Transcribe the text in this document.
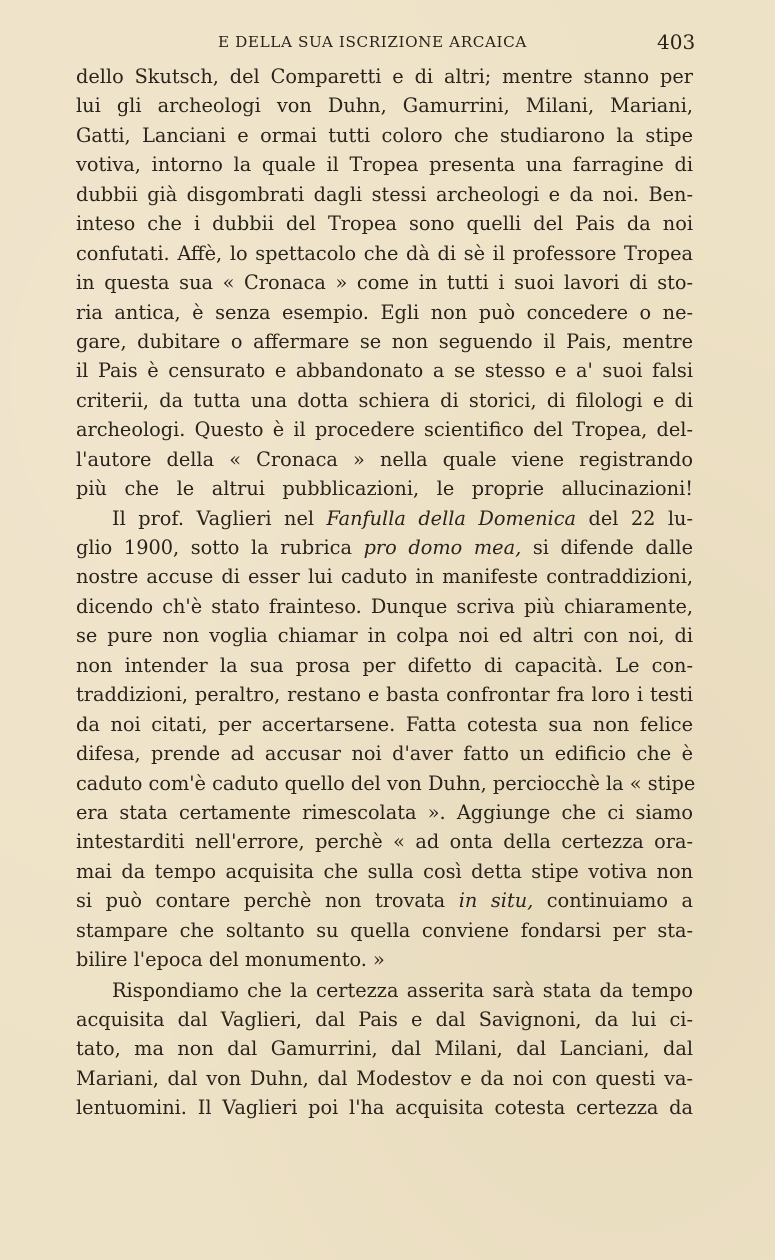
E DELLA SUA ISCRIZIONE ARCAICA	403
dello Skutsch, del Comparetti e di altri; mentre stanno per
lui gli archeologi von Duhn, Gamurrini, Milani, Mariani,
Gatti, Lanciani e ormai tutti coloro che studiarono la stipe
votiva, intorno la quale il Tropea presenta una farragine di
dubbii già disgombrati dagli stessi archeologi e da noi. Ben-
inteso che i dubbii del Tropea sono quelli del Pais da noi
confutati. Affè, lo spettacolo che dà di sè il professore Tropea
in questa sua « Cronaca » come in tutti i suoi lavori di sto-
ria antica, è senza esempio. Egli non può concedere o ne-
gare, dubitare o affermare se non seguendo il Pais, mentre
il Pais è censurato e abbandonato a se stesso e a' suoi falsi
criterii, da tutta una dotta schiera di storici, di filologi e di
archeologi. Questo è il procedere scientifico del Tropea, del-
l'autore della « Cronaca » nella quale viene registrando
più che le altrui pubblicazioni, le proprie allucinazioni!
Il prof. Vaglieri nel Fanfulla della Domenica del 22 lu-
glio 1900, sotto la rubrica pro domo mea, si difende dalle
nostre accuse di esser lui caduto in manifeste contraddizioni,
dicendo ch'è stato frainteso. Dunque scriva più chiaramente,
se pure non voglia chiamar in colpa noi ed altri con noi, di
non intender la sua prosa per difetto di capacità. Le con-
traddizioni, peraltro, restano e basta confrontar fra loro i testi
da noi citati, per accertarsene. Fatta cotesta sua non felice
difesa, prende ad accusar noi d'aver fatto un edificio che è
caduto com'è caduto quello del von Duhn, perciocchè la « stipe
era stata certamente rimescolata ». Aggiunge che ci siamo
intestarditi nell'errore, perchè « ad onta della certezza ora-
mai da tempo acquisita che sulla così detta stipe votiva non
si può contare perchè non trovata in situ, continuiamo a
stampare che soltanto su quella conviene fondarsi per sta-
bilire l'epoca del monumento. »
Rispondiamo che la certezza asserita sarà stata da tempo
acquisita dal Vaglieri, dal Pais e dal Savignoni, da lui ci-
tato, ma non dal Gamurrini, dal Milani, dal Lanciani, dal
Mariani, dal von Duhn, dal Modestov e da noi con questi va-
lentuomini. Il Vaglieri poi l'ha acquisita cotesta certezza da
